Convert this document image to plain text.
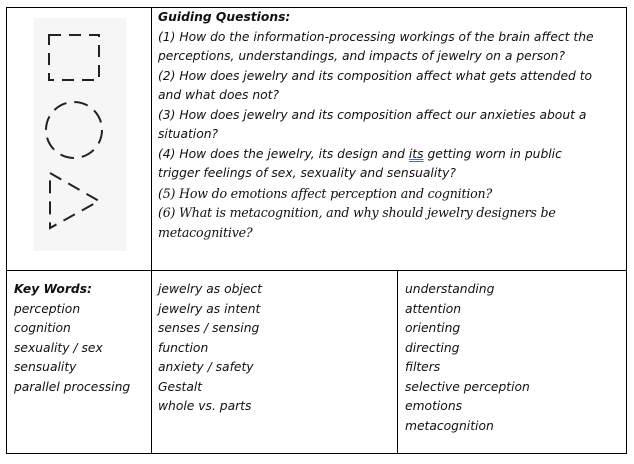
Guiding Questions:
(1) How do the information-processing workings of the brain affect the
perceptions, understandings, and impacts of jewelry on a person?
(2) How does jewelry and its composition affect what gets attended to
and what does not?
(3) How does jewelry and its composition affect our anxieties about a
situation?
(4) How does the jewelry, its design and its getting worn in public
trigger feelings of sex, sexuality and sensuality?
(5) How do emotions affect perception and cognition?
(6) What is metacognition, and why should jewelry designers be
metacognitive?
Key Words:
perception
cognition
sexuality / sex
sensuality
parallel processing
jewelry as object
jewelry as intent
senses / sensing
function
anxiety / safety
Gestalt
whole vs. parts
understanding
attention
orienting
directing
filters
selective perception
emotions
metacognition
